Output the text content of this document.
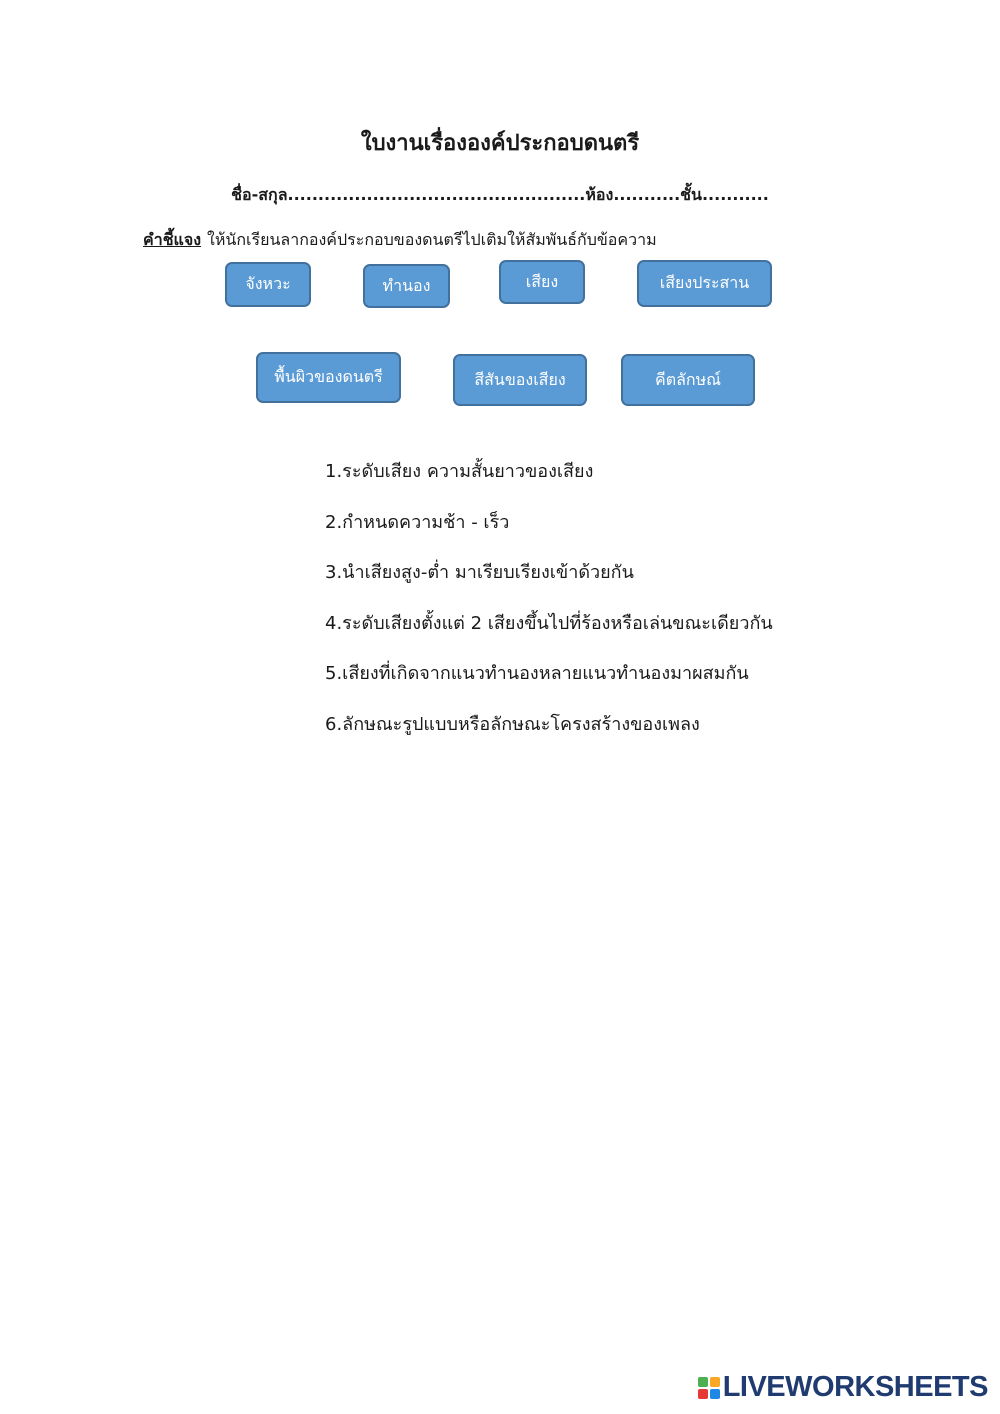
ใบงานเรื่ององค์ประกอบดนตรี
ชื่อ-สกุล.................................................ห้อง...........ชั้น...........
คำชี้แจง ให้นักเรียนลากองค์ประกอบของดนตรีไปเติมให้สัมพันธ์กับข้อความ
จังหวะ	ทำนอง	เสียง	เสียงประสาน
พื้นผิวของดนตรี	สีสันของเสียง	คีตลักษณ์
1.ระดับเสียง ความสั้นยาวของเสียง
2.กำหนดความช้า - เร็ว
3.นำเสียงสูง-ต่ำ มาเรียบเรียงเข้าด้วยกัน
4.ระดับเสียงตั้งแต่ 2 เสียงขึ้นไปที่ร้องหรือเล่นขณะเดียวกัน
5.เสียงที่เกิดจากแนวทำนองหลายแนวทำนองมาผสมกัน
6.ลักษณะรูปแบบหรือลักษณะโครงสร้างของเพลง
LIVEWORKSHEETS
